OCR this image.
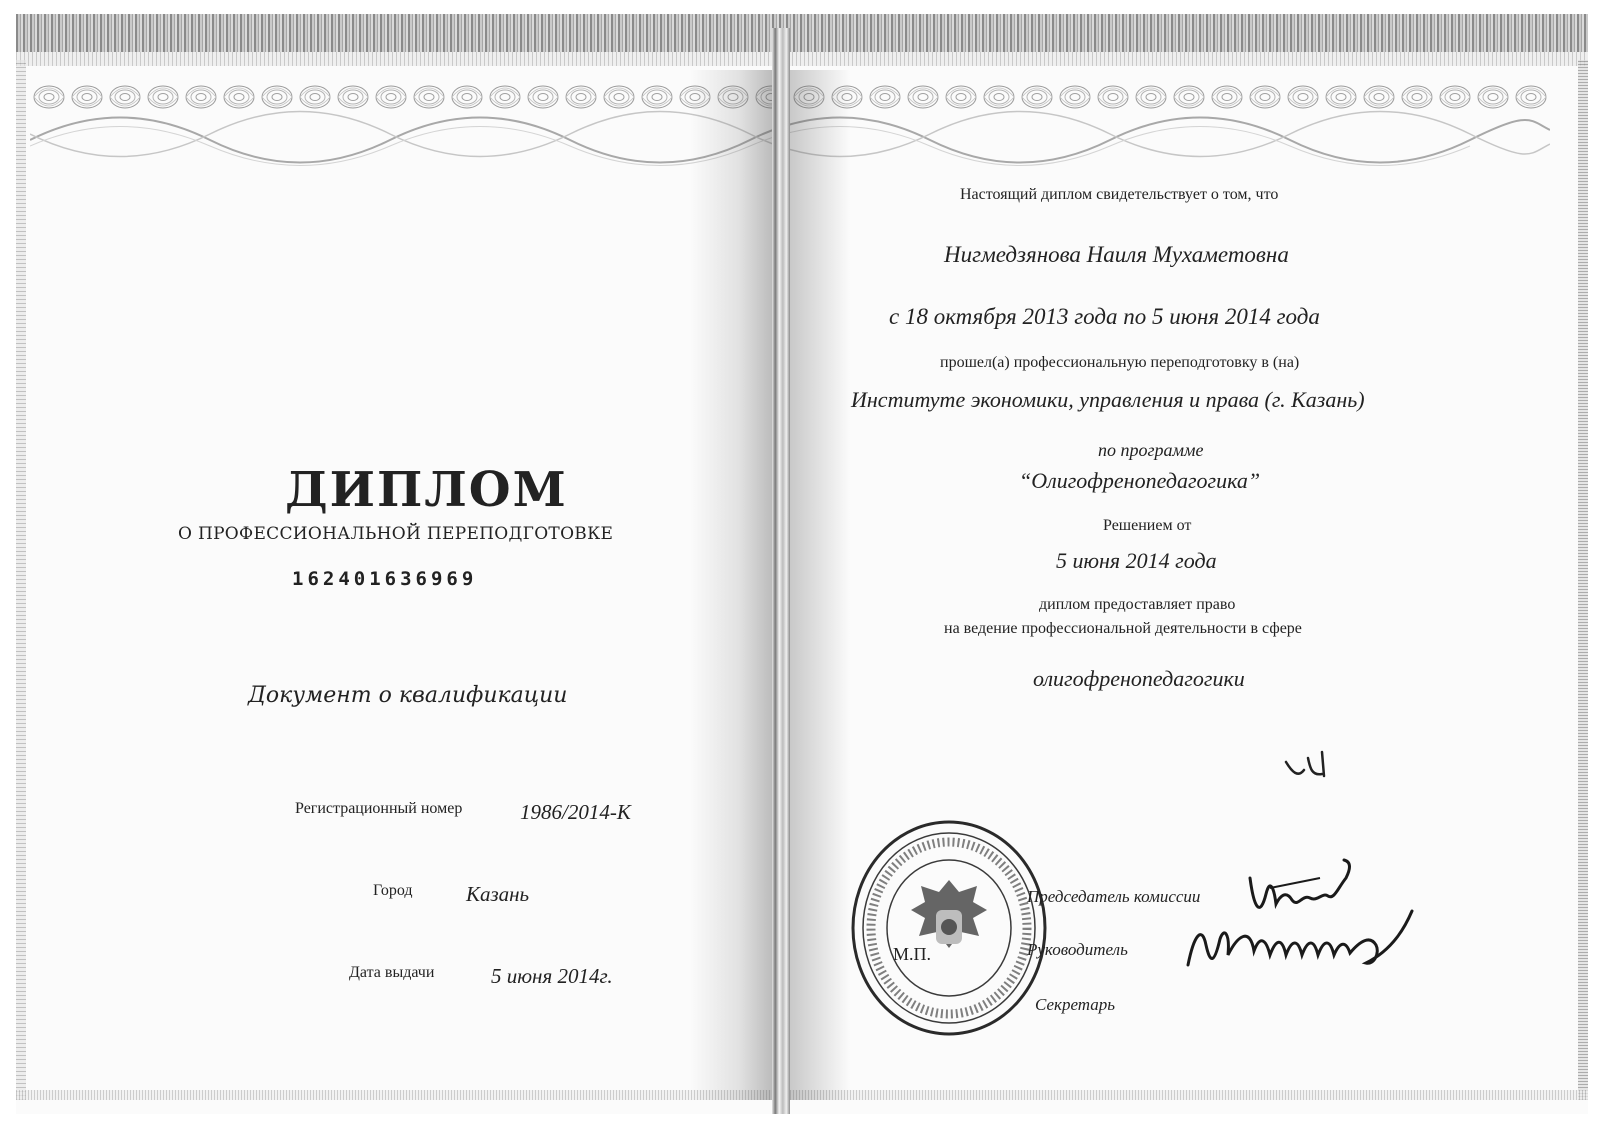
ДИПЛОМ
О ПРОФЕССИОНАЛЬНОЙ ПЕРЕПОДГОТОВКЕ
162401636969
Документ о квалификации
Регистрационный номер	1986/2014-К
Город	Казань
Дата выдачи	5 июня 2014г.
Настоящий диплом свидетельствует о том, что
Нигмедзянова Наиля Мухаметовна
с 18 октября 2013 года по 5 июня 2014 года
прошел(а) профессиональную переподготовку в (на)
Институте экономики, управления и права (г. Казань)
по программе
“Олигофренопедагогика”
Решением от
5 июня 2014 года
диплом предоставляет право
на ведение профессиональной деятельности в сфере
олигофренопедагогики
М.П.
Председатель комиссии
Руководитель
Секретарь
